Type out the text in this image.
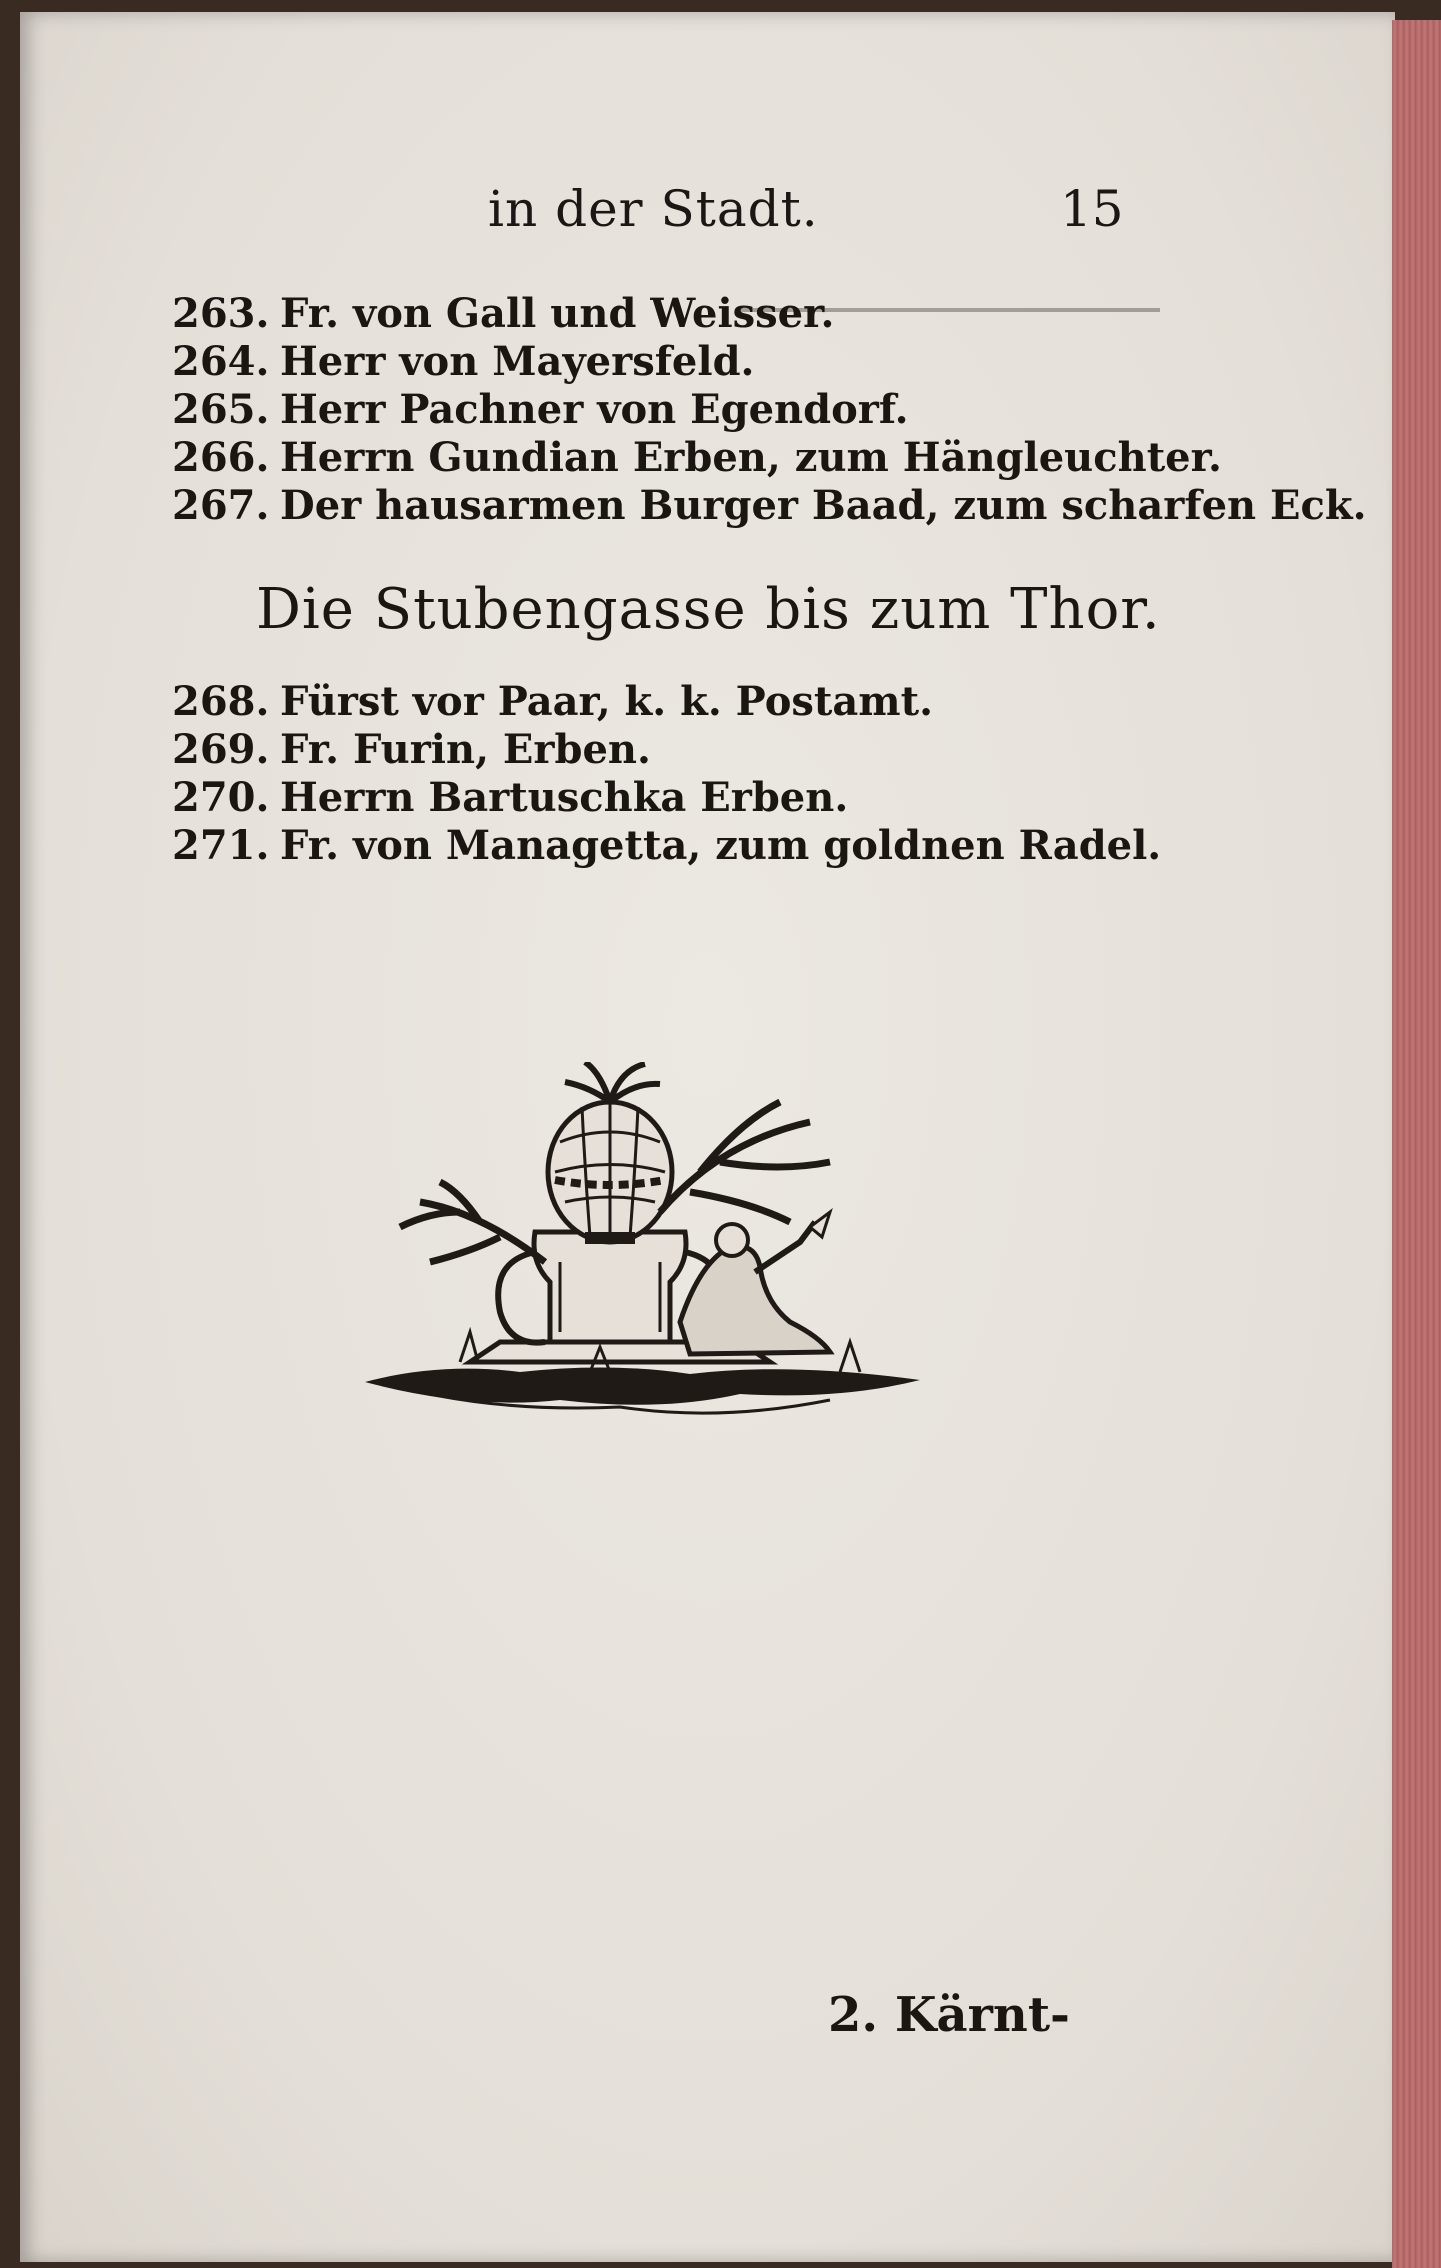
in der Stadt.	15
263. Fr. von Gall und Weisser.
264. Herr von Mayersfeld.
265. Herr Pachner von Egendorf.
266. Herrn Gundian Erben, zum Hängleuchter.
267. Der hausarmen Burger Baad, zum scharfen Eck.
Die Stubengasse bis zum Thor.
268. Fürst vor Paar, k. k. Postamt.
269. Fr. Furin, Erben.
270. Herrn Bartuschka Erben.
271. Fr. von Managetta, zum goldnen Radel.
2. Kärnt-
